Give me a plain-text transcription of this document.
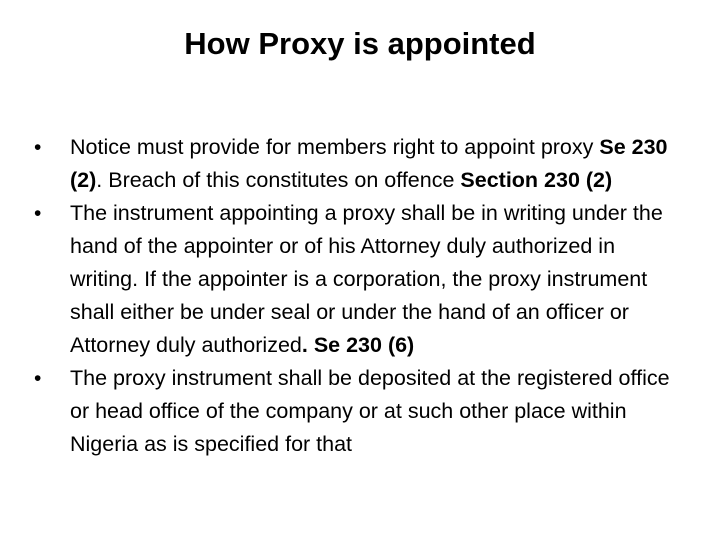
How Proxy is appointed
•	Notice must provide for members right to appoint proxy Se 230 (2). Breach of this constitutes on offence Section 230 (2)
•	The instrument appointing a proxy shall be in writing under the hand of the appointer or of his Attorney duly authorized in writing. If the appointer is a corporation, the proxy instrument shall either be under seal or under the hand of an officer or Attorney duly authorized. Se 230 (6)
•	The proxy instrument shall be deposited at the registered office or head office of the company or at such other place within Nigeria as is specified for that
